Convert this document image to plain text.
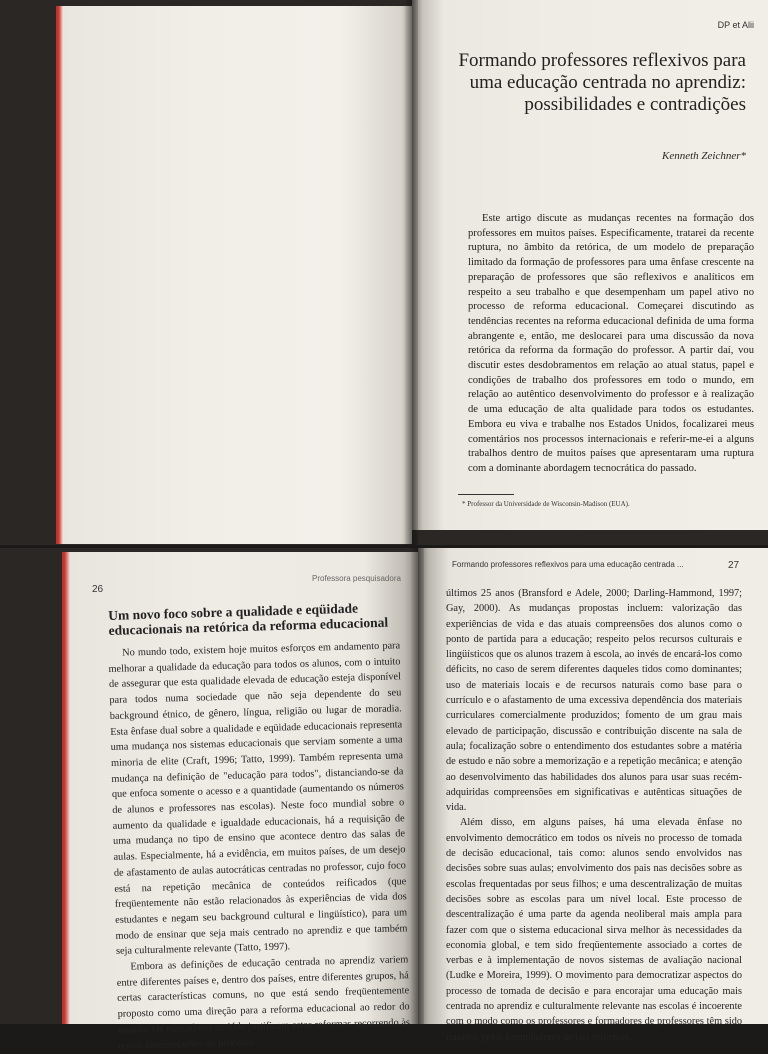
DP et Alii
Formando professores reflexivos para uma educação centrada no aprendiz: possibilidades e contradições
Kenneth Zeichner*

Este artigo discute as mudanças recentes na formação dos professores em muitos países. Especificamente, tratarei da recente ruptura, no âmbito da retórica, de um modelo de preparação limitado da formação de professores para uma ênfase crescente na preparação de professores que são reflexivos e analíticos em respeito a seu trabalho e que desempenham um papel ativo no processo de reforma educacional. Começarei discutindo as tendências recentes na reforma educacional definida de uma forma abrangente e, então, me deslocarei para uma discussão da nova retórica da reforma da formação do professor. A partir daí, vou discutir estes desdobramentos em relação ao atual status, papel e condições de trabalho dos professores em todo o mundo, em relação ao autêntico desenvolvimento do professor e à realização de uma educação de alta qualidade para todos os estudantes. Embora eu viva e trabalhe nos Estados Unidos, focalizarei meus comentários nos processos internacionais e referir-me-ei a alguns trabalhos dentro de muitos países que apresentaram uma ruptura com a dominante abordagem tecnocrática do passado.

* Professor da Universidade de Wisconsin-Madison (EUA).
26
Professora pesquisadora
Um novo foco sobre a qualidade e eqüidade educacionais na retórica da reforma educacional

No mundo todo, existem hoje muitos esforços em andamento para melhorar a qualidade da educação para todos os alunos, com o intuito de assegurar que esta qualidade elevada de educação esteja disponível para todos numa sociedade que não seja dependente do seu background étnico, de gênero, língua, religião ou lugar de moradia. Esta ênfase dual sobre a qualidade e eqüidade educacionais representa uma mudança nos sistemas educacionais que serviam somente a uma minoria de elite (Craft, 1996; Tatto, 1999). Também representa uma mudança na definição de "educação para todos", distanciando-se da que enfoca somente o acesso e a quantidade (aumentando os números de alunos e professores nas escolas). Neste foco mundial sobre o aumento da qualidade e igualdade educacionais, há a requisição de uma mudança no tipo de ensino que acontece dentro das salas de aulas. Especialmente, há a evidência, em muitos países, de um desejo de afastamento de aulas autocráticas centradas no professor, cujo foco está na repetição mecânica de conteúdos reificados (que freqüentemente não estão relacionados às experiências de vida dos estudantes e negam seu background cultural e lingüístico), para um modo de ensinar que seja mais centrado no aprendiz e que também seja culturalmente relevante (Tatto, 1997).

Embora as definições de educação centrada no aprendiz variem entre diferentes países e, dentro dos países, entre diferentes grupos, há certas características comuns, no que está sendo freqüentemente proposto como uma direção para a reforma educacional ao redor do mundo. Os educadores amiúde justificam estas reformas recorrendo às novas interpretações do processo

Formando professores reflexivos para uma educação centrada ...	27

últimos 25 anos (Bransford e Adele, 2000; Darling-Hammond, 1997; Gay, 2000). As mudanças propostas incluem: valorização das experiências de vida e das atuais compreensões dos alunos como o ponto de partida para a educação; respeito pelos recursos culturais e lingüísticos que os alunos trazem à escola, ao invés de encará-los como déficits, no caso de serem diferentes daqueles tidos como dominantes; uso de materiais locais e de recursos naturais como base para o currículo e o afastamento de uma excessiva dependência dos materiais curriculares comercialmente produzidos; fomento de um grau mais elevado de participação, discussão e contribuição discente na sala de aula; focalização sobre o entendimento dos estudantes sobre a matéria de estudo e não sobre a memorização e a repetição mecânica; e atenção ao desenvolvimento das habilidades dos alunos para usar suas recém-adquiridas compreensões em significativas e autênticas situações de vida.

Além disso, em alguns países, há uma elevada ênfase no envolvimento democrático em todos os níveis no processo de tomada de decisão educacional, tais como: alunos sendo envolvidos nas decisões sobre suas aulas; envolvimento dos pais nas decisões sobre as escolas frequentadas por seus filhos; e uma descentralização de muitas decisões sobre as escolas para um nível local. Este processo de descentralização é uma parte da agenda neoliberal mais ampla para fazer com que o sistema educacional sirva melhor às necessidades da economia global, e tem sido freqüentemente associado a cortes de verbas e à implementação de novos sistemas de avaliação nacional (Ludke e Moreira, 1999). O movimento para democratizar aspectos do processo de tomada de decisão e para encorajar uma educação mais centrada no aprendiz e culturalmente relevante nas escolas é incoerente com o modo como os professores e formadores de professores têm sido tratados pelos formuladores de tais reformas.
